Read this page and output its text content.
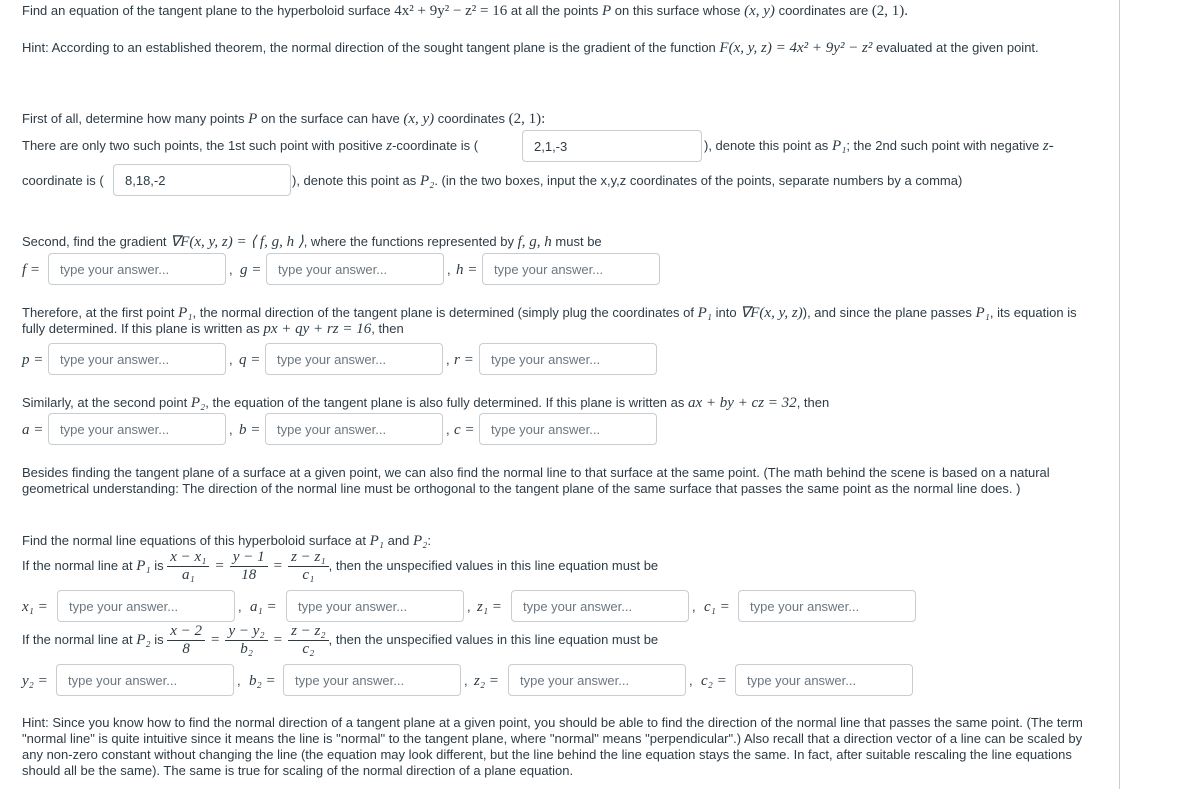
Find an equation of the tangent plane to the hyperboloid surface 4x² + 9y² − z² = 16 at all the points P on this surface whose (x, y) coordinates are (2, 1).
Hint: According to an established theorem, the normal direction of the sought tangent plane is the gradient of the function F(x, y, z) = 4x² + 9y² − z² evaluated at the given point.
First of all, determine how many points P on the surface can have (x, y) coordinates (2, 1):
There are only two such points, the 1st such point with positive z-coordinate is (
2,1,-3	), denote this point as P₁; the 2nd such point with negative z-
coordinate is (
8,18,-2	), denote this point as P₂. (in the two boxes, input the x,y,z coordinates of the points, separate numbers by a comma)
Second, find the gradient ∇F(x, y, z) = ⟨ f, g, h ⟩, where the functions represented by f, g, h must be
f =
type your answer...	, g =
type your answer...	, h =
type your answer...
Therefore, at the first point P₁, the normal direction of the tangent plane is determined (simply plug the coordinates of P₁ into ∇F(x, y, z)), and since the plane passes P₁, its equation is fully determined. If this plane is written as px + qy + rz = 16, then
p =
type your answer...	, q =
type your answer...	, r =
type your answer...
Similarly, at the second point P₂, the equation of the tangent plane is also fully determined. If this plane is written as ax + by + cz = 32, then
a =
type your answer...	, b =
type your answer...	, c =
type your answer...
Besides finding the tangent plane of a surface at a given point, we can also find the normal line to that surface at the same point. (The math behind the scene is based on a natural geometrical understanding: The direction of the normal line must be orthogonal to the tangent plane of the same surface that passes the same point as the normal line does. )
Find the normal line equations of this hyperboloid surface at P₁ and P₂:
If the normal line at P₁ is $\frac{\text{x − x₁}}{\text{a₁}} = \frac{y - 1}{18} = \frac{\text{z − z₁}}{\text{c₁}}$ , then the unspecified values in this line equation must be
x₁ =
type your answer...	, a₁ =
type your answer...	, z₁ =
type your answer...	, c₁ =
type your answer...
If the normal line at P₂ is $\frac{x - 2}{8} = \frac{\text{y − y₂}}{\text{b₂}} = \frac{\text{z − z₂}}{\text{c₂}}$ , then the unspecified values in this line equation must be
y₂ =
type your answer...	, b₂ =
type your answer...	, z₂ =
type your answer...	, c₂ =
type your answer...
Hint: Since you know how to find the normal direction of a tangent plane at a given point, you should be able to find the direction of the normal line that passes the same point. (The term "normal line" is quite intuitive since it means the line is "normal" to the tangent plane, where "normal" means "perpendicular".) Also recall that a direction vector of a line can be scaled by any non-zero constant without changing the line (the equation may look different, but the line behind the line equation stays the same. In fact, after suitable rescaling the line equations should all be the same). The same is true for scaling of the normal direction of a plane equation.
